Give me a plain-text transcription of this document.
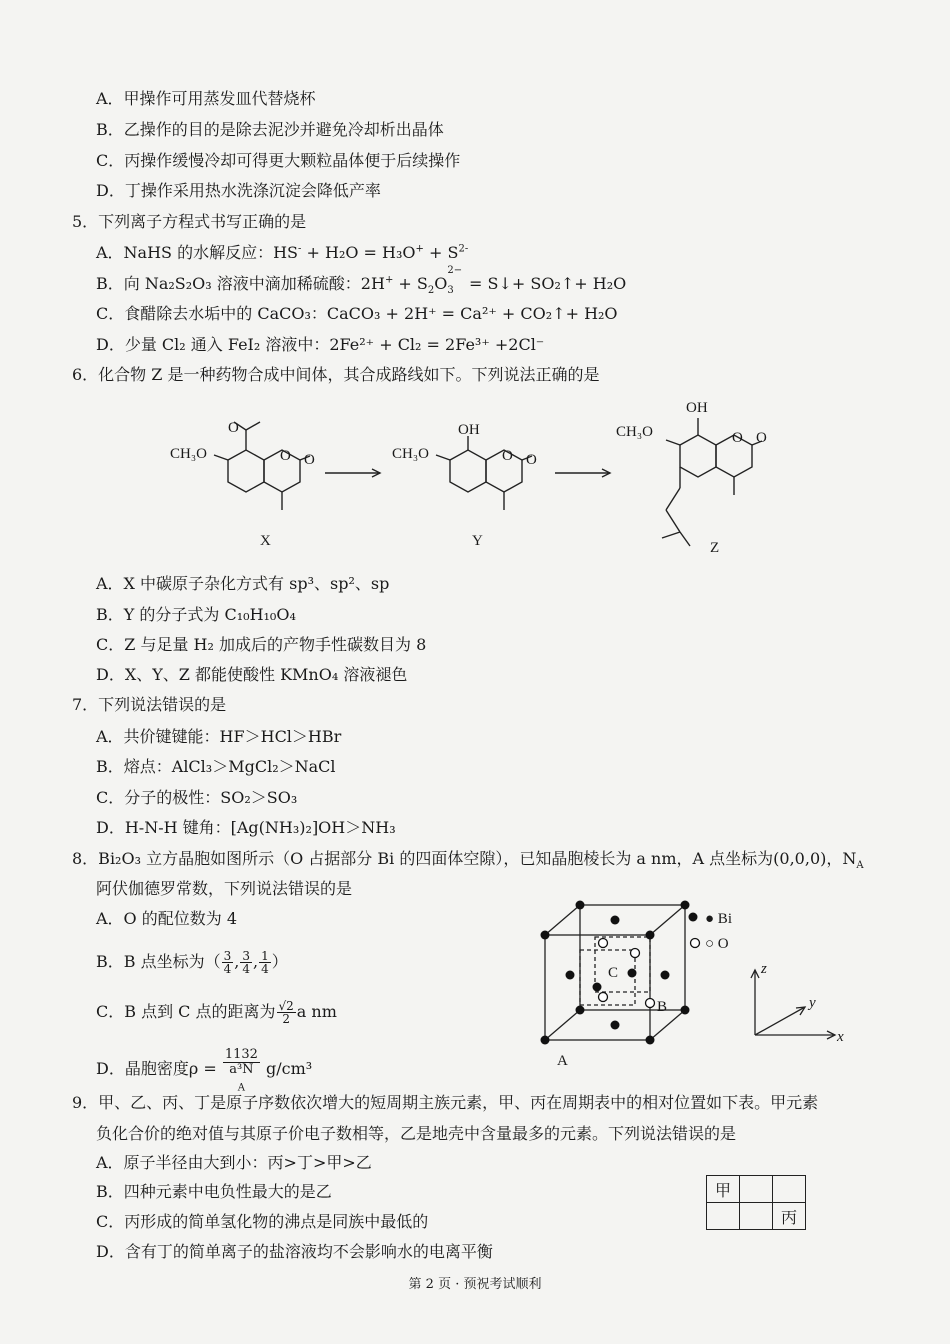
A．甲操作可用蒸发皿代替烧杯
B．乙操作的目的是除去泥沙并避免冷却析出晶体
C．丙操作缓慢冷却可得更大颗粒晶体便于后续操作
D．丁操作采用热水洗涤沉淀会降低产率
5．下列离子方程式书写正确的是
A．NaHS 的水解反应：$HS^- + H_2O = H_3O^+ + S^{2-}$
B．向 Na₂S₂O₃ 溶液中滴加稀硫酸：$2H^+ + S_2O_3$
2−
= S↓+ SO₂↑+ H₂O
C．食醋除去水垢中的 CaCO₃：CaCO₃ + 2H⁺ = Ca²⁺ + CO₂↑+ H₂O
D．少量 Cl₂ 通入 FeI₂ 溶液中：2Fe²⁺ + Cl₂ = 2Fe³⁺ +2Cl⁻
6．化合物 Z 是一种药物合成中间体，其合成路线如下。下列说法正确的是
CH₃O
O
O O
X
CH₃O
OH
O O
Y
CH₃O
OH
O O
Z
A．X 中碳原子杂化方式有 sp³、sp²、sp
B．Y 的分子式为 C₁₀H₁₀O₄
C．Z 与足量 H₂ 加成后的产物手性碳数目为 8
D．X、Y、Z 都能使酸性 KMnO₄ 溶液褪色
7．下列说法错误的是
A．共价键键能：HF＞HCl＞HBr
B．熔点：AlCl₃＞MgCl₂＞NaCl
C．分子的极性：SO₂＞SO₃
D．H-N-H 键角：[Ag(NH₃)₂]OH＞NH₃
8．Bi₂O₃ 立方晶胞如图所示（O 占据部分 Bi 的四面体空隙），已知晶胞棱长为 a nm，A 点坐标为(0,0,0)，$N_A$
阿伏伽德罗常数，下列说法错误的是
A．O 的配位数为 4
B．B 点坐标为（ $\frac{3}{4}$ , $\frac{3}{4}$ , $\frac{1}{4}$ ）
C．B 点到 C 点的距离为 $\frac{√2}{2}$ a nm
D．晶胞密度ρ = 1132
a³N
$_A$ g/cm³
● Bi
○ O
C
B
A
z
y
x
9．甲、乙、丙、丁是原子序数依次增大的短周期主族元素，甲、丙在周期表中的相对位置如下表。甲元素
负化合价的绝对值与其原子价电子数相等，乙是地壳中含量最多的元素。下列说法错误的是
A．原子半径由大到小：丙>丁>甲>乙
B．四种元素中电负性最大的是乙
C．丙形成的简单氢化物的沸点是同族中最低的
D．含有丁的简单离子的盐溶液均不会影响水的电离平衡
甲		
		丙
第 2 页 · 预祝考试顺利
